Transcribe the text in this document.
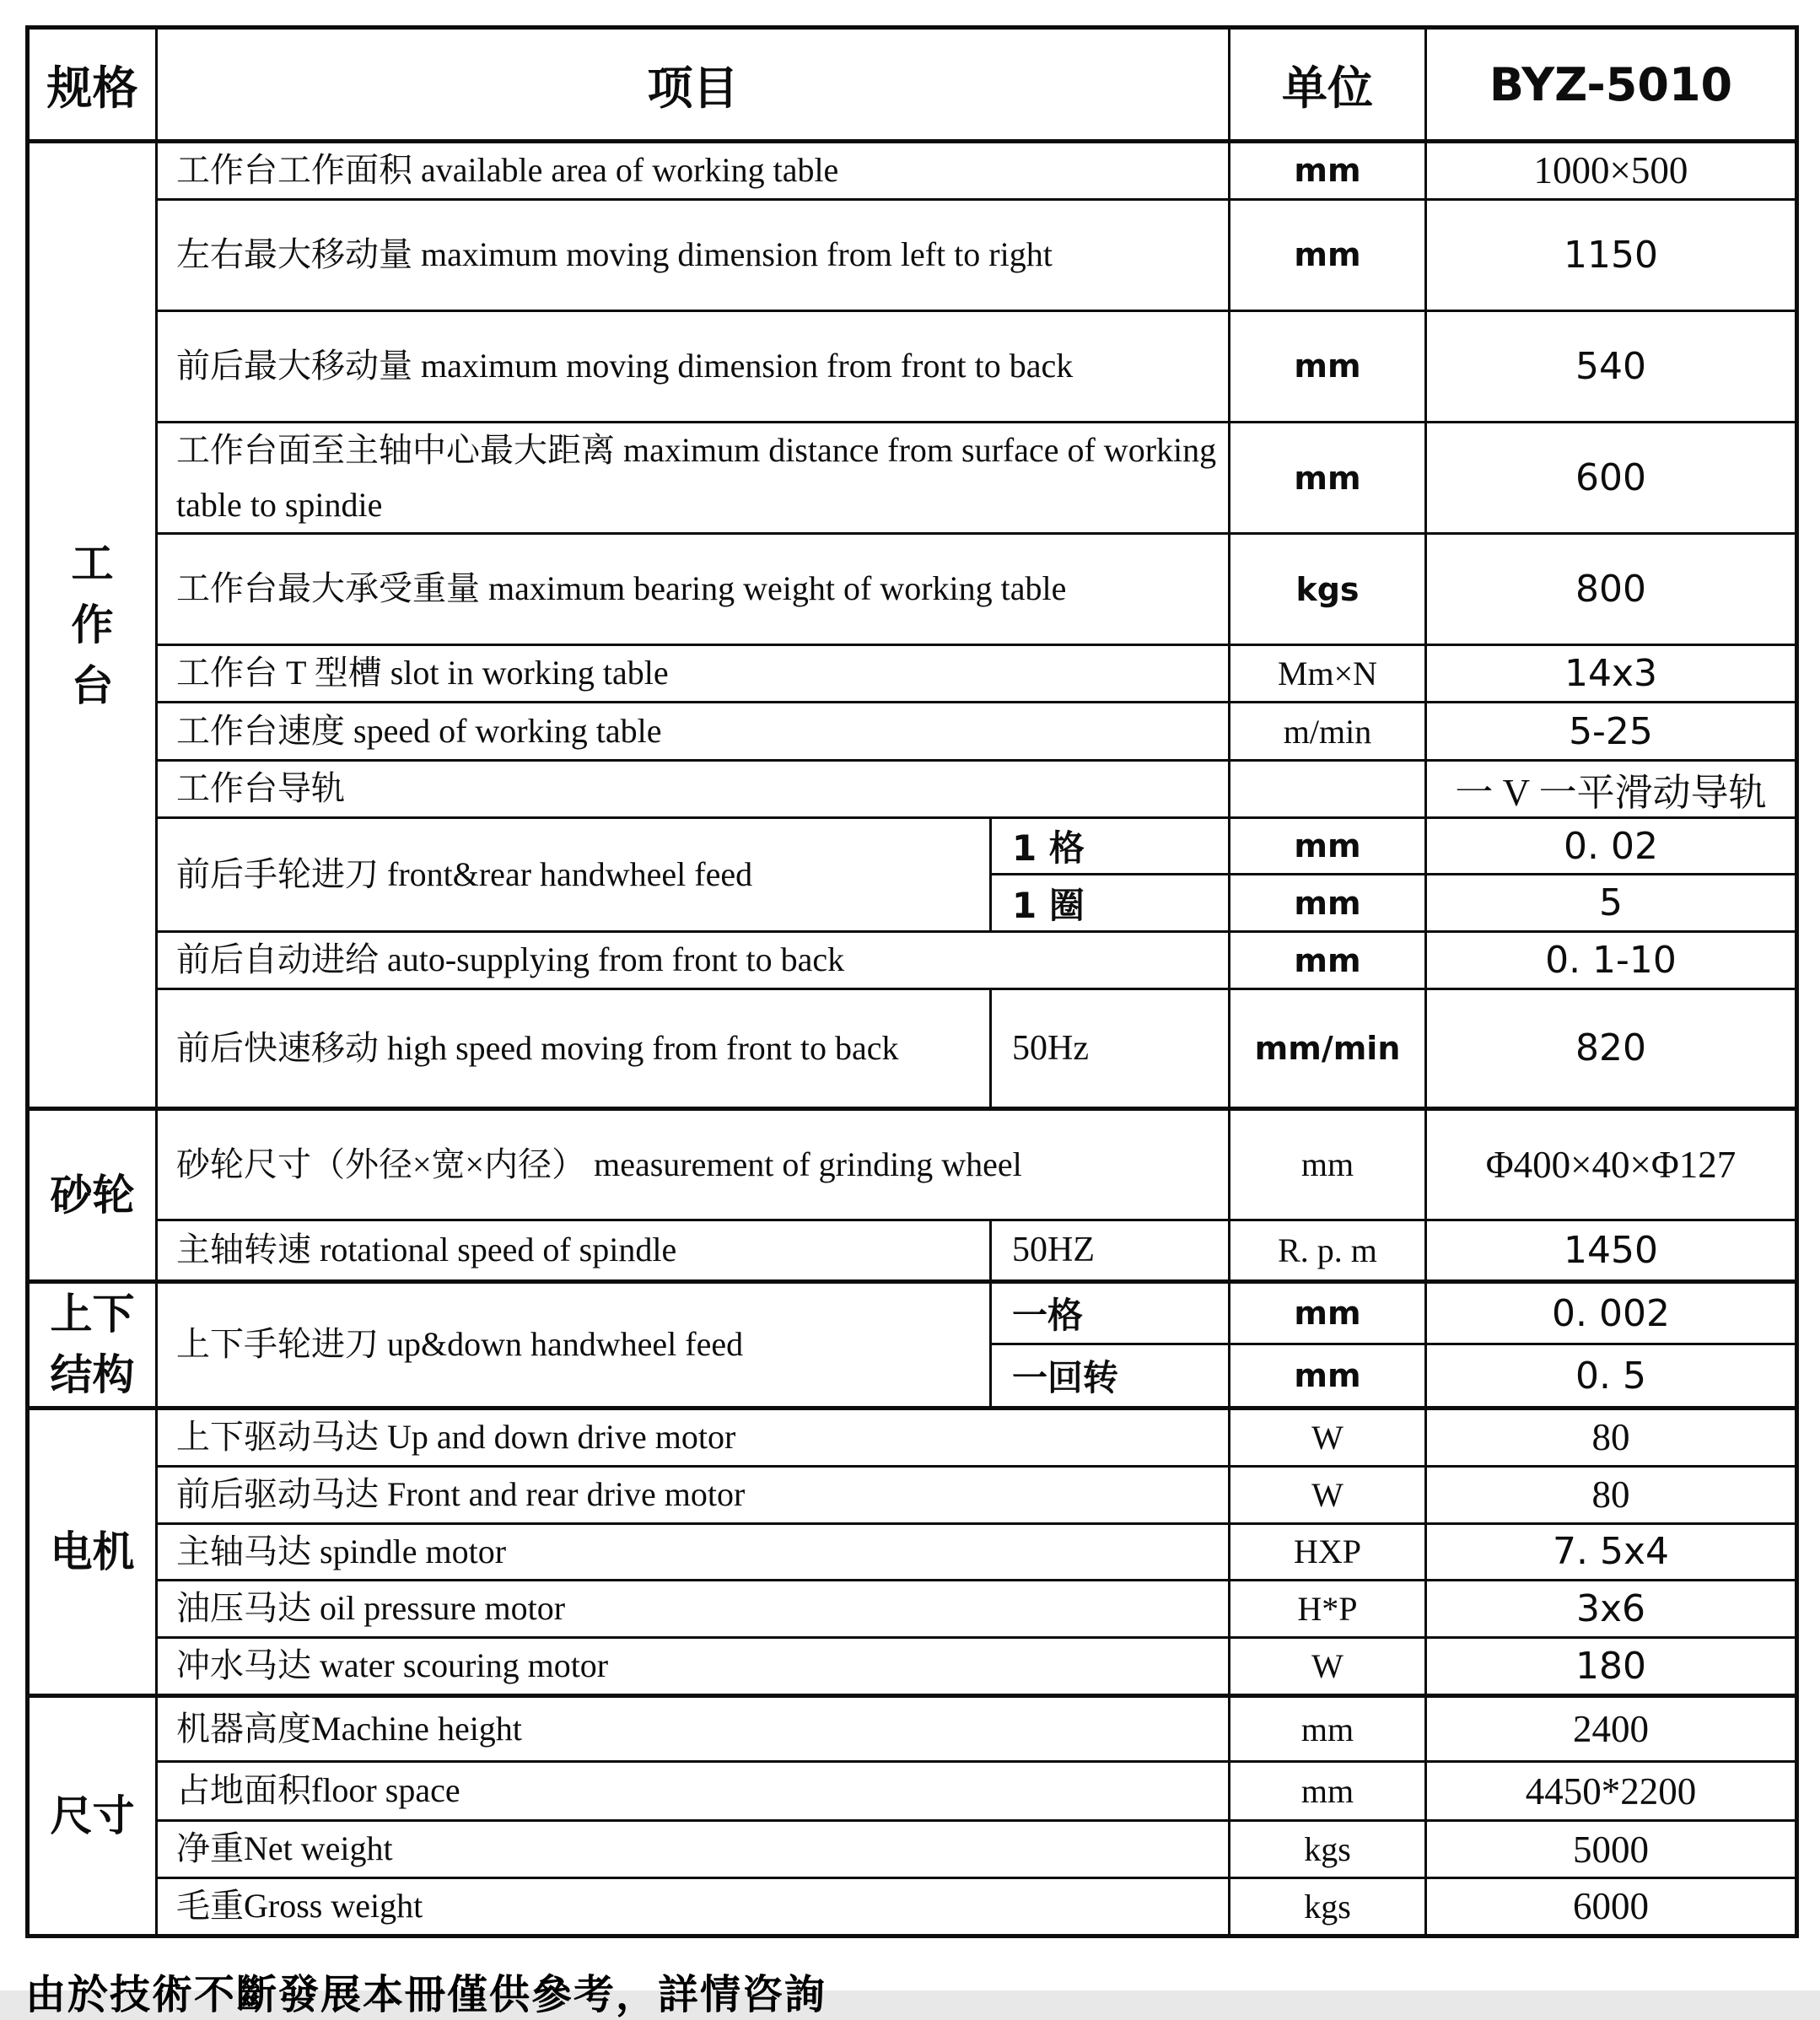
规格	项目		单位	BYZ-5010

工
作
台	工作台工作面积 available area of working table		mm	1000×500
	左右最大移动量 maximum moving dimension from left to right		mm	1150
	前后最大移动量 maximum moving dimension from front to back		mm	540
	工作台面至主轴中心最大距离 maximum distance from surface of working table to spindie		mm	600
	工作台最大承受重量 maximum bearing weight of working table		kgs	800
	工作台 T 型槽 slot in working table		Mm×N	14x3
	工作台速度 speed of working table		m/min	5-25
	工作台导轨			一 V 一平滑动导轨
	前后手轮进刀 front&rear handwheel feed	1 格	mm	0. 02
		1 圈	mm	5
	前后自动进给 auto-supplying from front to back		mm	0. 1-10
	前后快速移动 high speed moving from front to back	50Hz	mm/min	820

砂轮	砂轮尺寸（外径×宽×内径） measurement of grinding wheel		mm	Φ400×40×Φ127
	主轴转速 rotational speed of spindle	50HZ	R. p. m	1450

上下
结构	上下手轮进刀 up&down handwheel feed	一格	mm	0. 002
		一回转	mm	0. 5

电机	上下驱动马达 Up and down drive motor		W	80
	前后驱动马达 Front and rear drive motor		W	80
	主轴马达 spindle motor		HXP	7. 5x4
	油压马达 oil pressure motor		H*P	3x6
	冲水马达 water scouring motor		W	180

尺寸	机器高度Machine height		mm	2400
	占地面积floor space		mm	4450*2200
	净重Net weight		kgs	5000
	毛重Gross weight		kgs	6000
由於技術不斷發展本冊僅供參考，詳情咨詢
